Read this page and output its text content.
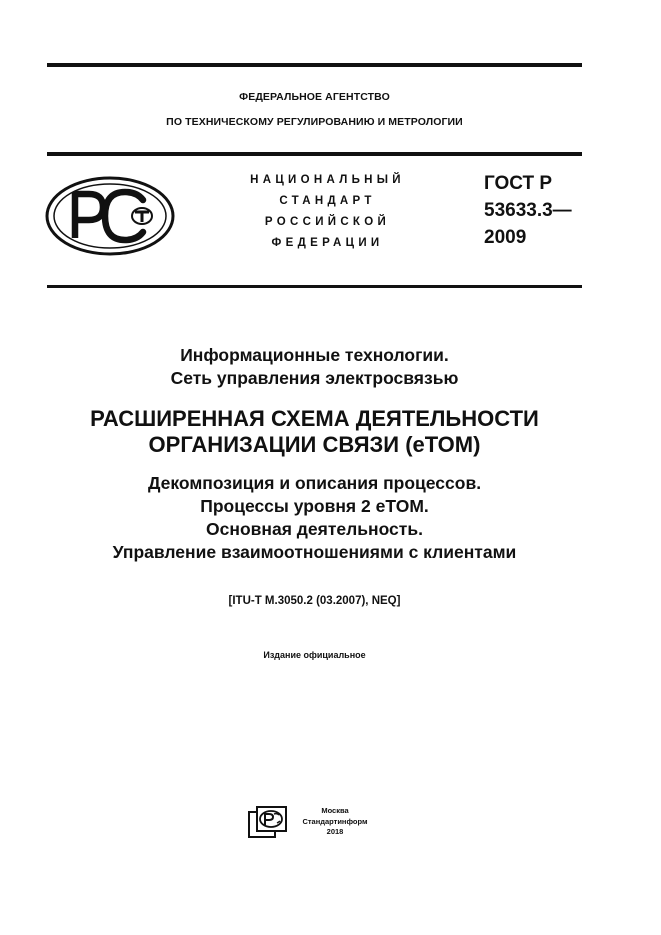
ФЕДЕРАЛЬНОЕ АГЕНТСТВО
ПО ТЕХНИЧЕСКОМУ РЕГУЛИРОВАНИЮ И МЕТРОЛОГИИ
НАЦИОНАЛЬНЫЙ
СТАНДАРТ
РОССИЙСКОЙ
ФЕДЕРАЦИИ
ГОСТ Р
53633.3—
2009
Информационные технологии.
Сеть управления электросвязью
РАСШИРЕННАЯ СХЕМА ДЕЯТЕЛЬНОСТИ
ОРГАНИЗАЦИИ СВЯЗИ (еТОМ)
Декомпозиция и описания процессов.
Процессы уровня 2 eTOM.
Основная деятельность.
Управление взаимоотношениями с клиентами
[ITU-T M.3050.2 (03.2007), NEQ]
Издание официальное
Москва
Стандартинформ
2018
